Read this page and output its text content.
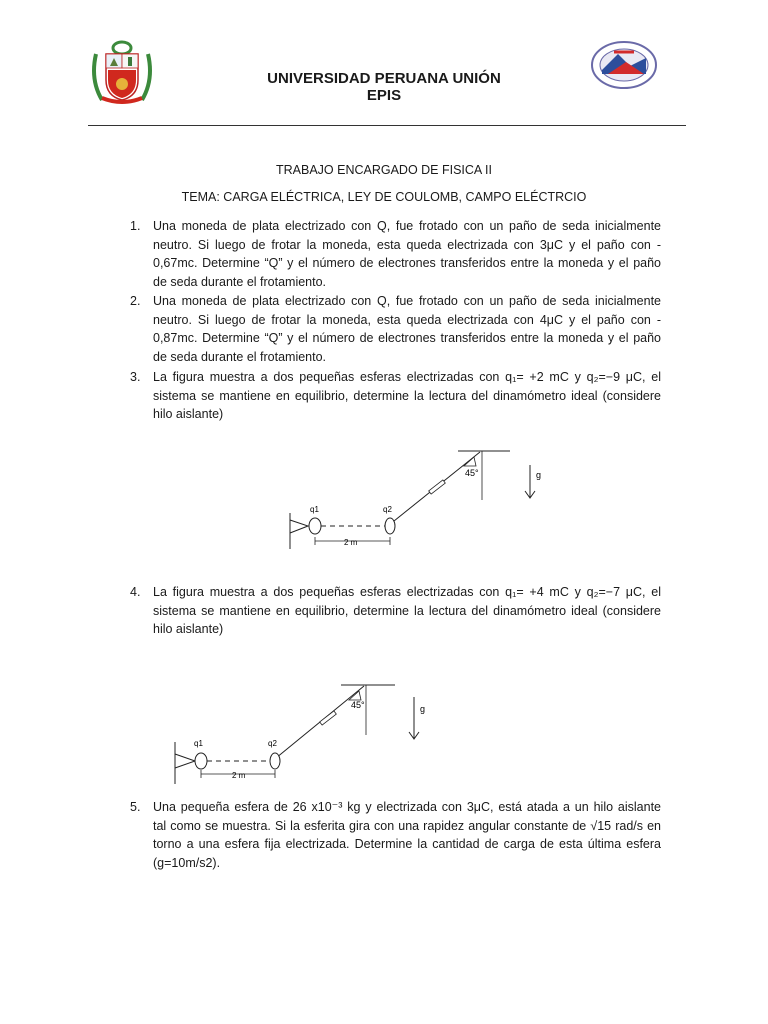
UNIVERSIDAD PERUANA UNIÓN
EPIS
TRABAJO ENCARGADO DE FISICA II
TEMA: CARGA ELÉCTRICA, LEY DE COULOMB, CAMPO ELÉCTRCIO
1.	Una moneda de plata electrizado con Q, fue frotado con un paño de seda inicialmente
neutro. Si luego de frotar la moneda, esta queda electrizada con 3μC y el paño con -
0,67mc. Determine “Q” y el número de electrones transferidos entre la moneda y el paño
de seda durante el frotamiento.
2.	Una moneda de plata electrizado con Q, fue frotado con un paño de seda inicialmente
neutro. Si luego de frotar la moneda, esta queda electrizada con 4μC y el paño con -
0,87mc. Determine “Q” y el número de electrones transferidos entre la moneda y el paño
de seda durante el frotamiento.
3.	La figura muestra a dos pequeñas esferas electrizadas con q₁= +2 mC y q₂=−9 μC, el
sistema se mantiene en equilibrio, determine la lectura del dinamómetro ideal (considere
hilo aislante)
45°	g
q1	q2
2 m
4.	La figura muestra a dos pequeñas esferas electrizadas con q₁= +4 mC y q₂=−7 μC, el
sistema se mantiene en equilibrio, determine la lectura del dinamómetro ideal (considere
hilo aislante)
45°	g
q1	q2
2 m
5.	Una pequeña esfera de 26 x10⁻³ kg y electrizada con 3μC, está atada a un hilo aislante
tal como se muestra. Si la esferita gira con una rapidez angular constante de √15 rad/s en
torno a una esfera fija electrizada. Determine la cantidad de carga de esta última esfera
(g=10m/s2).
